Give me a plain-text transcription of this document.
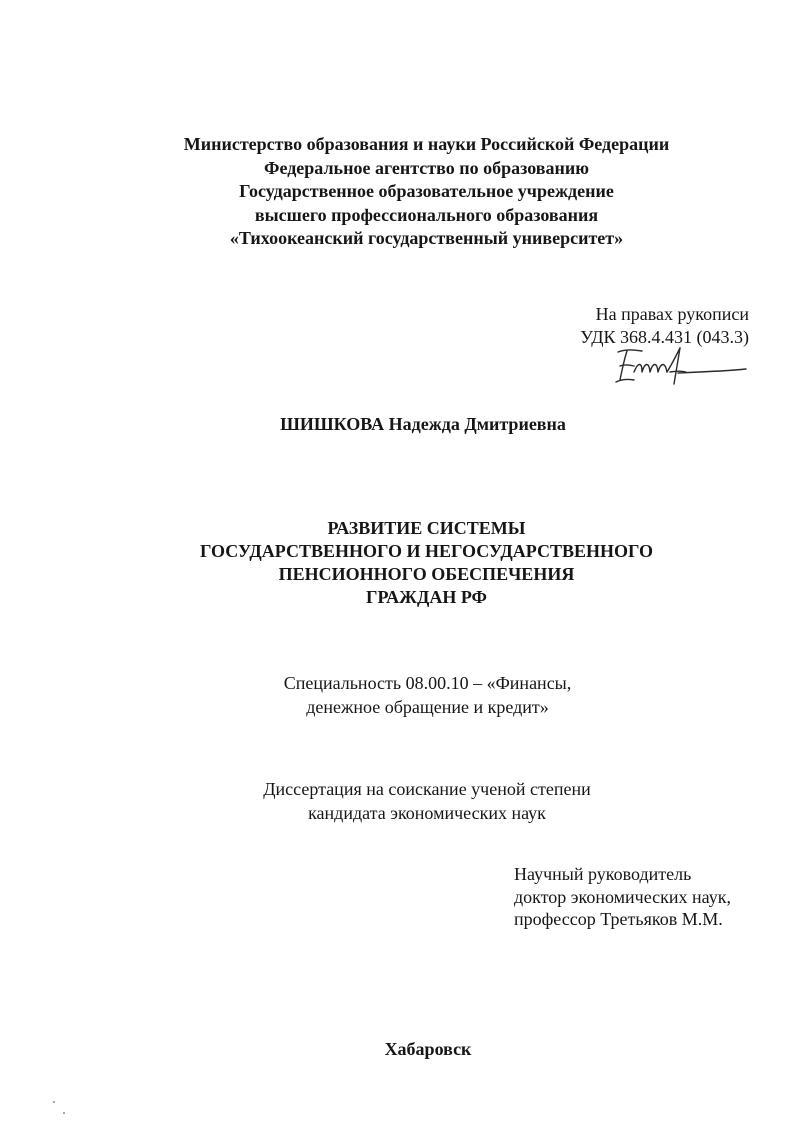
Министерство образования и науки Российской Федерации
Федеральное агентство по образованию
Государственное образовательное учреждение
высшего профессионального образования
«Тихоокеанский государственный университет»
На правах рукописи
УДК 368.4.431 (043.3)
ШИШКОВА Надежда Дмитриевна
РАЗВИТИЕ СИСТЕМЫ
ГОСУДАРСТВЕННОГО И НЕГОСУДАРСТВЕННОГО
ПЕНСИОННОГО ОБЕСПЕЧЕНИЯ
ГРАЖДАН РФ
Специальность 08.00.10 – «Финансы,
денежное обращение и кредит»
Диссертация на соискание ученой степени
кандидата экономических наук
Научный руководитель
доктор экономических наук,
профессор Третьяков М.М.
Хабаровск
